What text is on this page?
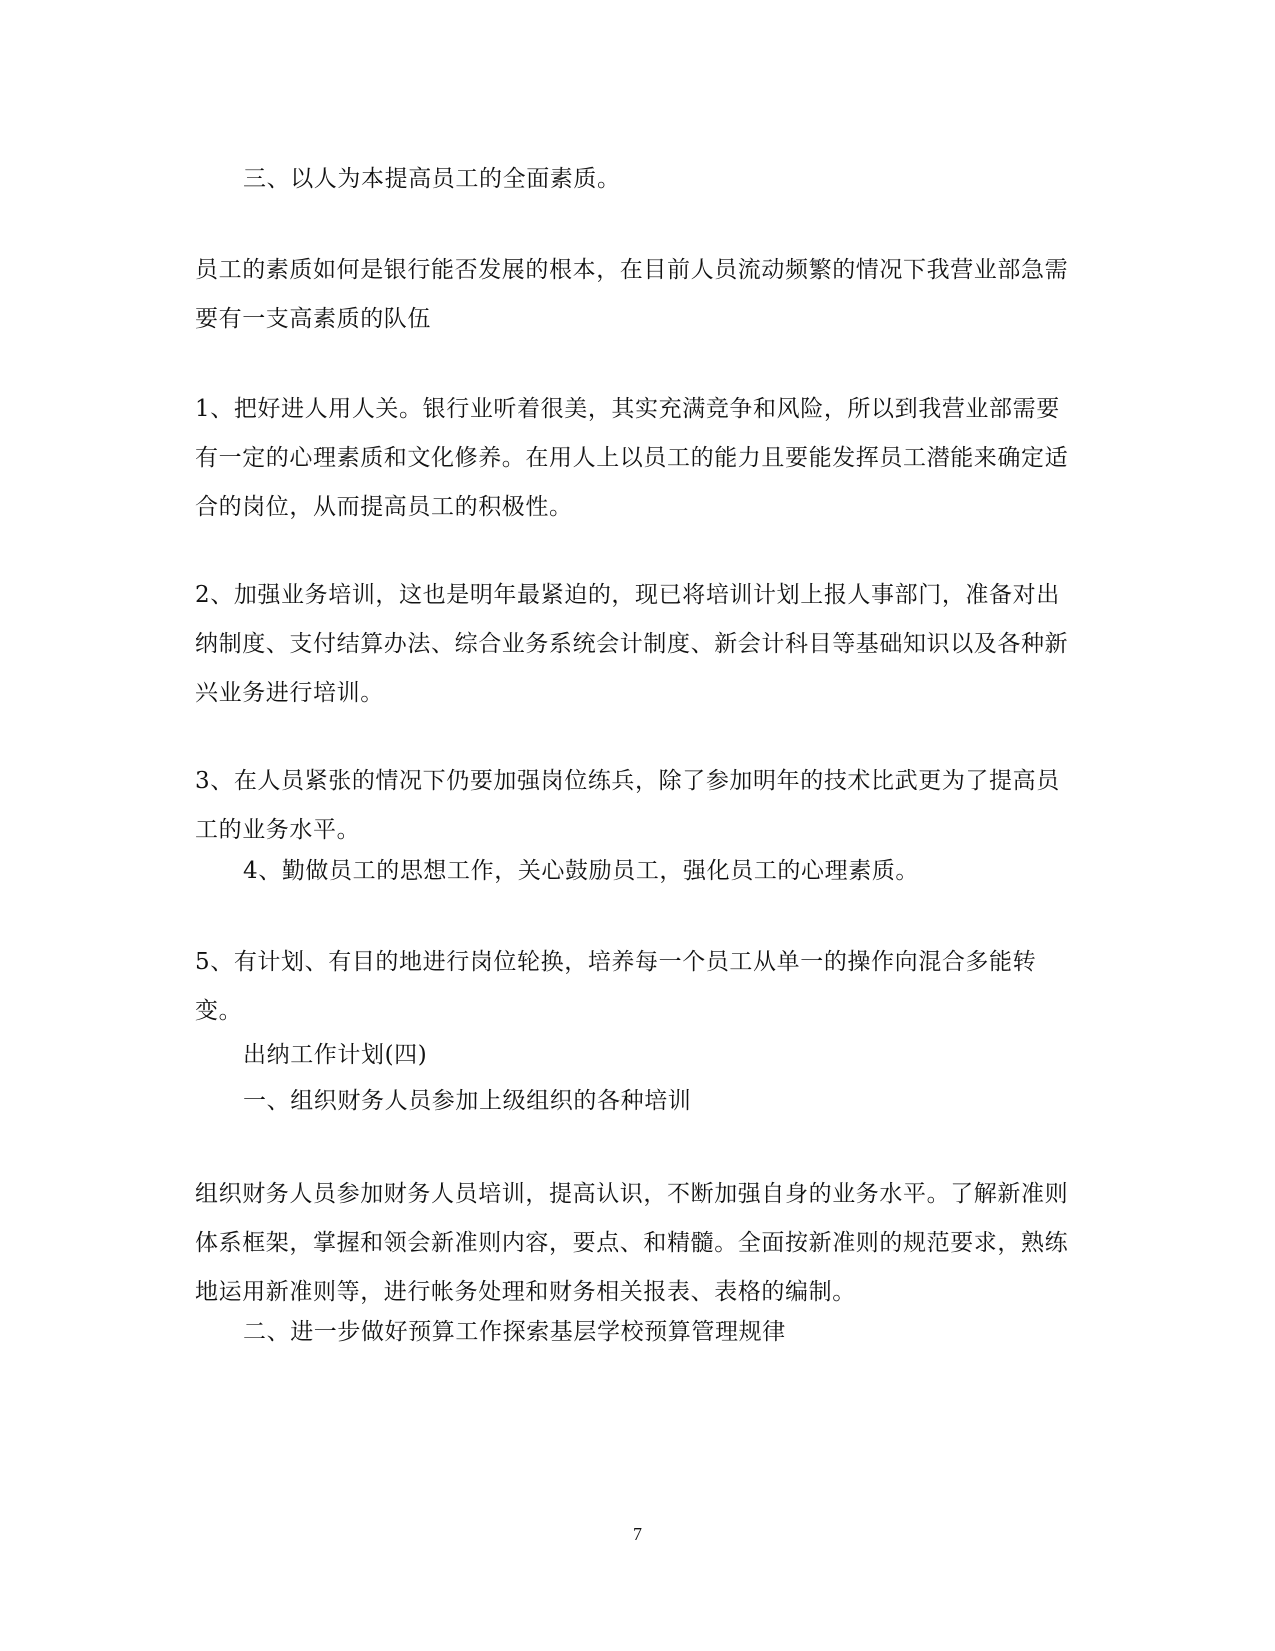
三、以人为本提高员工的全面素质。

员工的素质如何是银行能否发展的根本，在目前人员流动频繁的情况下我营业部急需要有一支高素质的队伍

1、把好进人用人关。银行业听着很美，其实充满竞争和风险，所以到我营业部需要有一定的心理素质和文化修养。在用人上以员工的能力且要能发挥员工潜能来确定适合的岗位，从而提高员工的积极性。

2、加强业务培训，这也是明年最紧迫的，现已将培训计划上报人事部门，准备对出纳制度、支付结算办法、综合业务系统会计制度、新会计科目等基础知识以及各种新兴业务进行培训。

3、在人员紧张的情况下仍要加强岗位练兵，除了参加明年的技术比武更为了提高员工的业务水平。

4、勤做员工的思想工作，关心鼓励员工，强化员工的心理素质。

5、有计划、有目的地进行岗位轮换，培养每一个员工从单一的操作向混合多能转变。

出纳工作计划(四)

一、组织财务人员参加上级组织的各种培训

组织财务人员参加财务人员培训，提高认识，不断加强自身的业务水平。了解新准则体系框架，掌握和领会新准则内容，要点、和精髓。全面按新准则的规范要求，熟练地运用新准则等，进行帐务处理和财务相关报表、表格的编制。

二、进一步做好预算工作探索基层学校预算管理规律

7
